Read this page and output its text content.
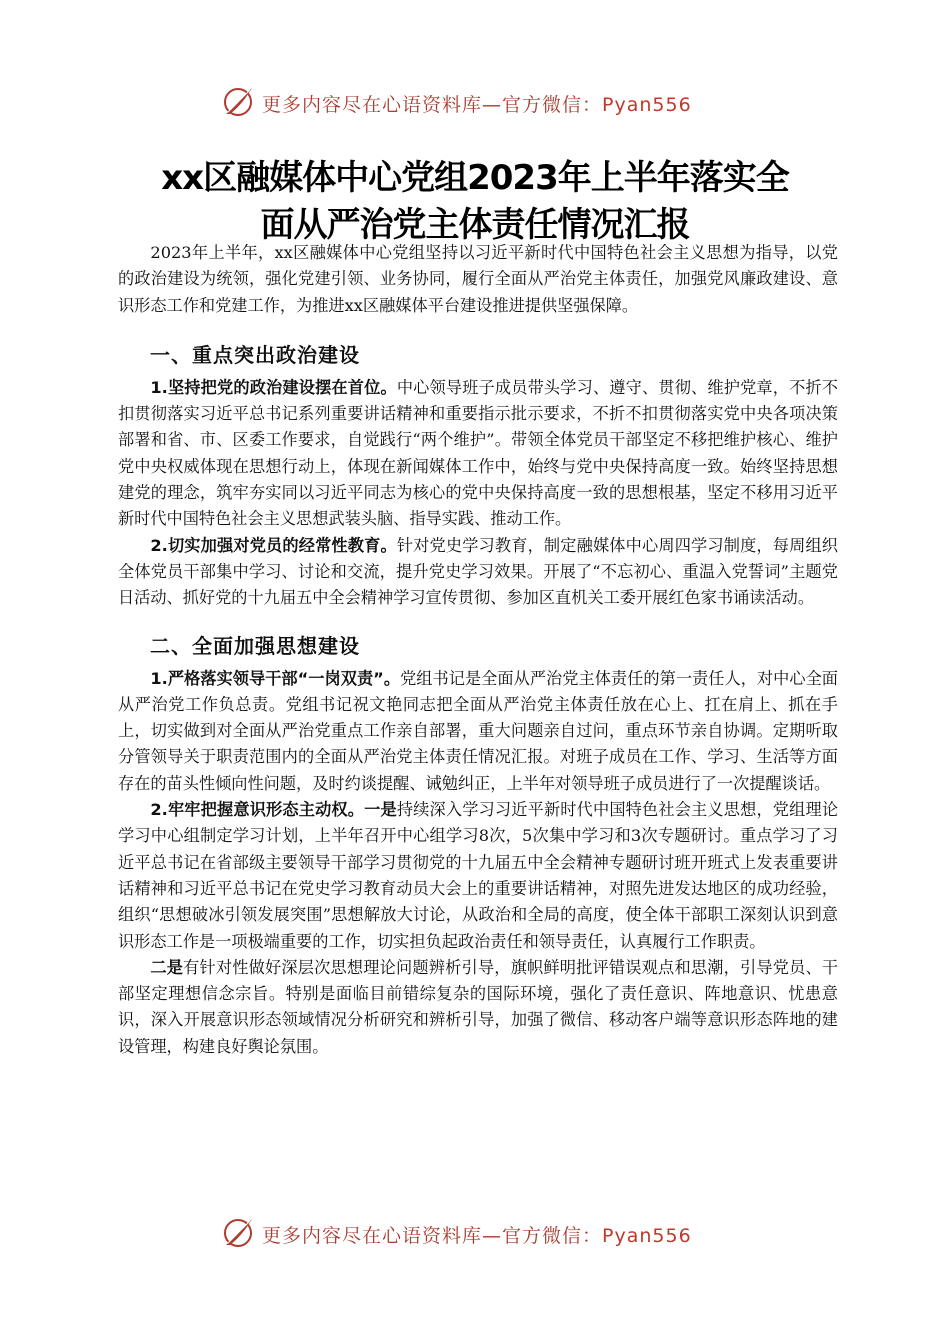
更多内容尽在心语资料库—官方微信：Pyan556
xx区融媒体中心党组2023年上半年落实全
面从严治党主体责任情况汇报

2023年上半年，xx区融媒体中心党组坚持以习近平新时代中国特色社会主义思想为指导，以党的政治建设为统领，强化党建引领、业务协同，履行全面从严治党主体责任，加强党风廉政建设、意识形态工作和党建工作，为推进xx区融媒体平台建设推进提供坚强保障。

一、重点突出政治建设

1.坚持把党的政治建设摆在首位。中心领导班子成员带头学习、遵守、贯彻、维护党章，不折不扣贯彻落实习近平总书记系列重要讲话精神和重要指示批示要求，不折不扣贯彻落实党中央各项决策部署和省、市、区委工作要求，自觉践行“两个维护”。带领全体党员干部坚定不移把维护核心、维护党中央权威体现在思想行动上，体现在新闻媒体工作中，始终与党中央保持高度一致。始终坚持思想建党的理念，筑牢夯实同以习近平同志为核心的党中央保持高度一致的思想根基，坚定不移用习近平新时代中国特色社会主义思想武装头脑、指导实践、推动工作。

2.切实加强对党员的经常性教育。针对党史学习教育，制定融媒体中心周四学习制度，每周组织全体党员干部集中学习、讨论和交流，提升党史学习效果。开展了“不忘初心、重温入党誓词”主题党日活动、抓好党的十九届五中全会精神学习宣传贯彻、参加区直机关工委开展红色家书诵读活动。

二、全面加强思想建设

1.严格落实领导干部“一岗双责”。党组书记是全面从严治党主体责任的第一责任人，对中心全面从严治党工作负总责。党组书记祝文艳同志把全面从严治党主体责任放在心上、扛在肩上、抓在手上，切实做到对全面从严治党重点工作亲自部署，重大问题亲自过问，重点环节亲自协调。定期听取分管领导关于职责范围内的全面从严治党主体责任情况汇报。对班子成员在工作、学习、生活等方面存在的苗头性倾向性问题，及时约谈提醒、诫勉纠正，上半年对领导班子成员进行了一次提醒谈话。

2.牢牢把握意识形态主动权。一是持续深入学习习近平新时代中国特色社会主义思想，党组理论学习中心组制定学习计划，上半年召开中心组学习8次，5次集中学习和3次专题研讨。重点学习了习近平总书记在省部级主要领导干部学习贯彻党的十九届五中全会精神专题研讨班开班式上发表重要讲话精神和习近平总书记在党史学习教育动员大会上的重要讲话精神，对照先进发达地区的成功经验，组织“思想破冰引领发展突围”思想解放大讨论，从政治和全局的高度，使全体干部职工深刻认识到意识形态工作是一项极端重要的工作，切实担负起政治责任和领导责任，认真履行工作职责。

二是有针对性做好深层次思想理论问题辨析引导，旗帜鲜明批评错误观点和思潮，引导党员、干部坚定理想信念宗旨。特别是面临目前错综复杂的国际环境，强化了责任意识、阵地意识、忧患意识，深入开展意识形态领域情况分析研究和辨析引导，加强了微信、移动客户端等意识形态阵地的建设管理，构建良好舆论氛围。

更多内容尽在心语资料库—官方微信：Pyan556
